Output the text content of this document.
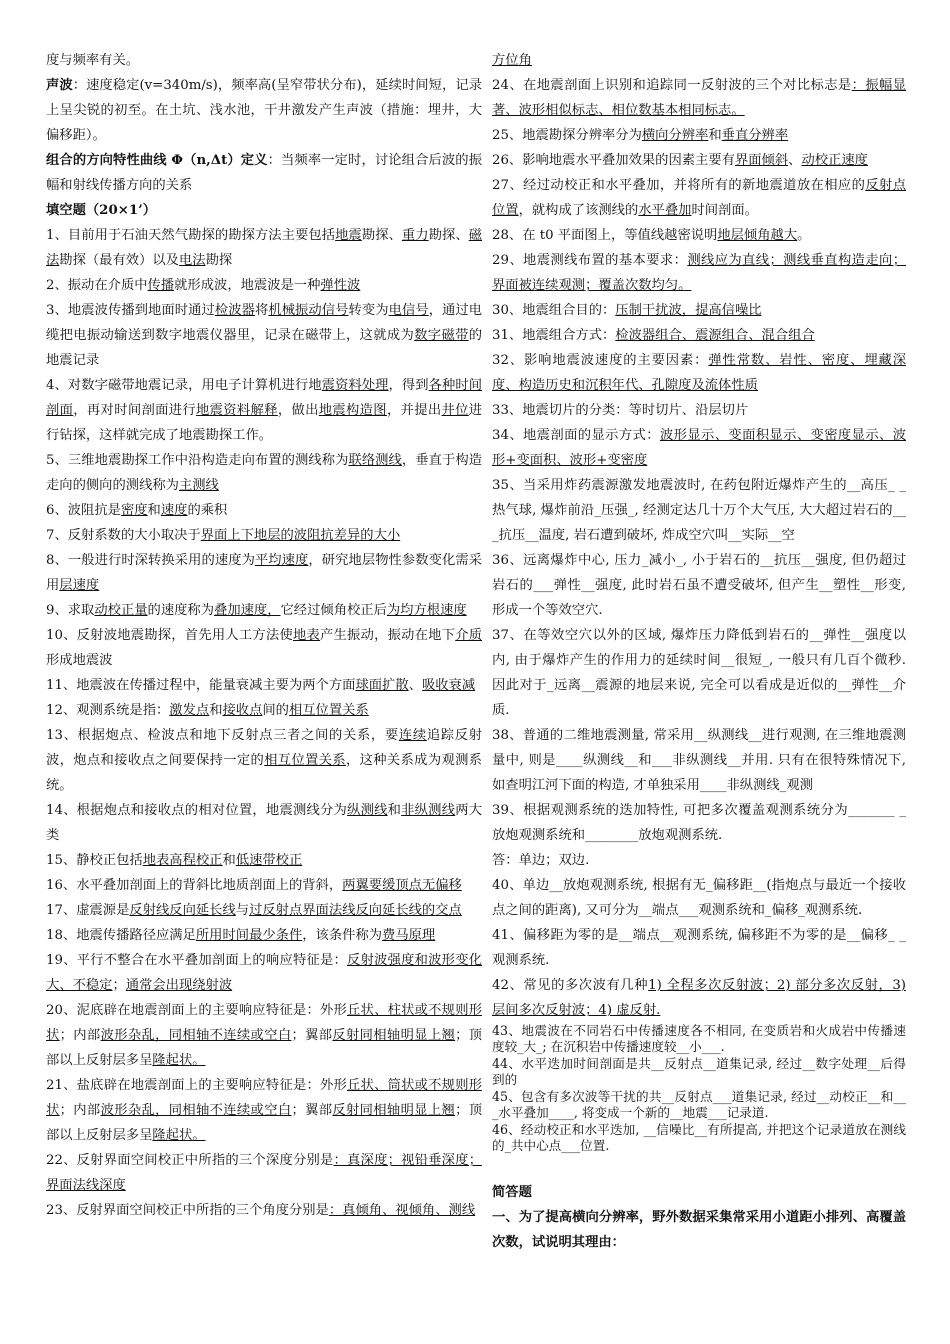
度与频率有关。

声波：速度稳定(v=340m/s)，频率高(呈窄带状分布)，延续时间短，记录上呈尖锐的初至。在土坑、浅水池，干井激发产生声波（措施：埋井，大偏移距）。

组合的方向特性曲线 Φ（n,Δt）定义：当频率一定时，讨论组合后波的振幅和射线传播方向的关系

填空题（20×1’）

1、目前用于石油天然气勘探的勘探方法主要包括地震勘探、重力勘探、磁法勘探（最有效）以及电法勘探

2、振动在介质中传播就形成波，地震波是一种弹性波

3、地震波传播到地面时通过检波器将机械振动信号转变为电信号，通过电缆把电振动输送到数字地震仪器里，记录在磁带上，这就成为数字磁带的地震记录

4、对数字磁带地震记录，用电子计算机进行地震资料处理，得到各种时间剖面，再对时间剖面进行地震资料解释，做出地震构造图，并提出井位进行钻探，这样就完成了地震勘探工作。

5、三维地震勘探工作中沿构造走向布置的测线称为联络测线，垂直于构造走向的侧向的测线称为主测线

6、波阻抗是密度和速度的乘积

7、反射系数的大小取决于界面上下地层的波阻抗差异的大小

8、一般进行时深转换采用的速度为平均速度，研究地层物性参数变化需采用层速度

9、求取动校正量的速度称为叠加速度，它经过倾角校正后为均方根速度

10、反射波地震勘探，首先用人工方法使地表产生振动，振动在地下介质形成地震波

11、地震波在传播过程中，能量衰减主要为两个方面球面扩散、吸收衰减

12、观测系统是指：激发点和接收点间的相互位置关系

13、根据炮点、检波点和地下反射点三者之间的关系，要连续追踪反射波，炮点和接收点之间要保持一定的相互位置关系，这种关系成为观测系统。

14、根据炮点和接收点的相对位置，地震测线分为纵测线和非纵测线两大类

15、静校正包括地表高程校正和低速带校正

16、水平叠加剖面上的背斜比地质剖面上的背斜，两翼要缓顶点无偏移

17、虚震源是反射线反向延长线与过反射点界面法线反向延长线的交点

18、地震传播路径应满足所用时间最少条件，该条件称为费马原理

19、平行不整合在水平叠加剖面上的响应特征是：反射波强度和波形变化大、不稳定；通常会出现绕射波

20、泥底辟在地震剖面上的主要响应特征是：外形丘状、柱状或不规则形状；内部波形杂乱，同相轴不连续或空白；翼部反射同相轴明显上翘；顶部以上反射层多呈隆起状。

21、盐底辟在地震剖面上的主要响应特征是：外形丘状、筒状或不规则形状；内部波形杂乱，同相轴不连续或空白；翼部反射同相轴明显上翘；顶部以上反射层多呈隆起状。

22、反射界面空间校正中所指的三个深度分别是：真深度；视铅垂深度；界面法线深度

23、反射界面空间校正中所指的三个角度分别是：真倾角、视倾角、测线

方位角

24、在地震剖面上识别和追踪同一反射波的三个对比标志是：振幅显著、波形相似标志、相位数基本相同标志。

25、地震勘探分辨率分为横向分辨率和垂直分辨率

26、影响地震水平叠加效果的因素主要有界面倾斜、动校正速度

27、经过动校正和水平叠加，并将所有的新地震道放在相应的反射点位置，就构成了该测线的水平叠加时间剖面。

28、在 t0 平面图上，等值线越密说明地层倾角越大。

29、地震测线布置的基本要求：测线应为直线；测线垂直构造走向；界面被连续观测；覆盖次数均匀。

30、地震组合目的：压制干扰波，提高信噪比

31、地震组合方式：检波器组合、震源组合、混合组合

32、影响地震波速度的主要因素：弹性常数、岩性、密度、埋藏深度、构造历史和沉积年代、孔隙度及流体性质

33、地震切片的分类：等时切片、沿层切片

34、地震剖面的显示方式：波形显示、变面积显示、变密度显示、波形+变面积、波形+变密度

35、当采用炸药震源激发地震波时, 在药包附近爆炸产生的__高压_ _热气球, 爆炸前沿_压强_, 经测定达几十万个大气压, 大大超过岩石的___抗压__温度, 岩石遭到破坏, 炸成空穴叫__实际__空

36、远离爆炸中心, 压力_减小_, 小于岩石的__抗压__强度, 但仍超过岩石的___弹性__强度, 此时岩石虽不遭受破坏, 但产生__塑性__形变, 形成一个等效空穴.

37、在等效空穴以外的区域, 爆炸压力降低到岩石的__弹性__强度以内, 由于爆炸产生的作用力的延续时间__很短_, 一般只有几百个微秒. 因此对于_远离__震源的地层来说, 完全可以看成是近似的__弹性__介质.

38、普通的二维地震测量, 常采用__纵测线__进行观测, 在三维地震测量中, 则是____纵测线__和___非纵测线__并用. 只有在很特殊情况下, 如查明江河下面的构造, 才单独采用____非纵测线_观测

39、根据观测系统的迭加特性, 可把多次覆盖观测系统分为_______ _放炮观测系统和________放炮观测系统.

答：单边；双边.

40、单边__放炮观测系统, 根据有无_偏移距__(指炮点与最近一个接收点之间的距离), 又可分为__端点___观测系统和_偏移_观测系统.

41、偏移距为零的是__端点__观测系统, 偏移距不为零的是__偏移_ _观测系统.

42、常见的多次波有几种1) 全程多次反射波；2) 部分多次反射，3) 层间多次反射波；4) 虚反射.

43、地震波在不同岩石中传播速度各不相同, 在变质岩和火成岩中传播速度较_大_; 在沉积岩中传播速度较__小___.

44、水平迭加时间剖面是共__反射点__道集记录, 经过__数字处理__后得到的

45、包含有多次波等干扰的共__反射点___道集记录, 经过__动校正__和___水平叠加____, 将变成一个新的__地震___记录道.

46、经动校正和水平迭加, __信噪比__有所提高, 并把这个记录道放在测线的_共中心点___位置.

简答题

一、为了提高横向分辨率，野外数据采集常采用小道距小排列、高覆盖次数，试说明其理由：
